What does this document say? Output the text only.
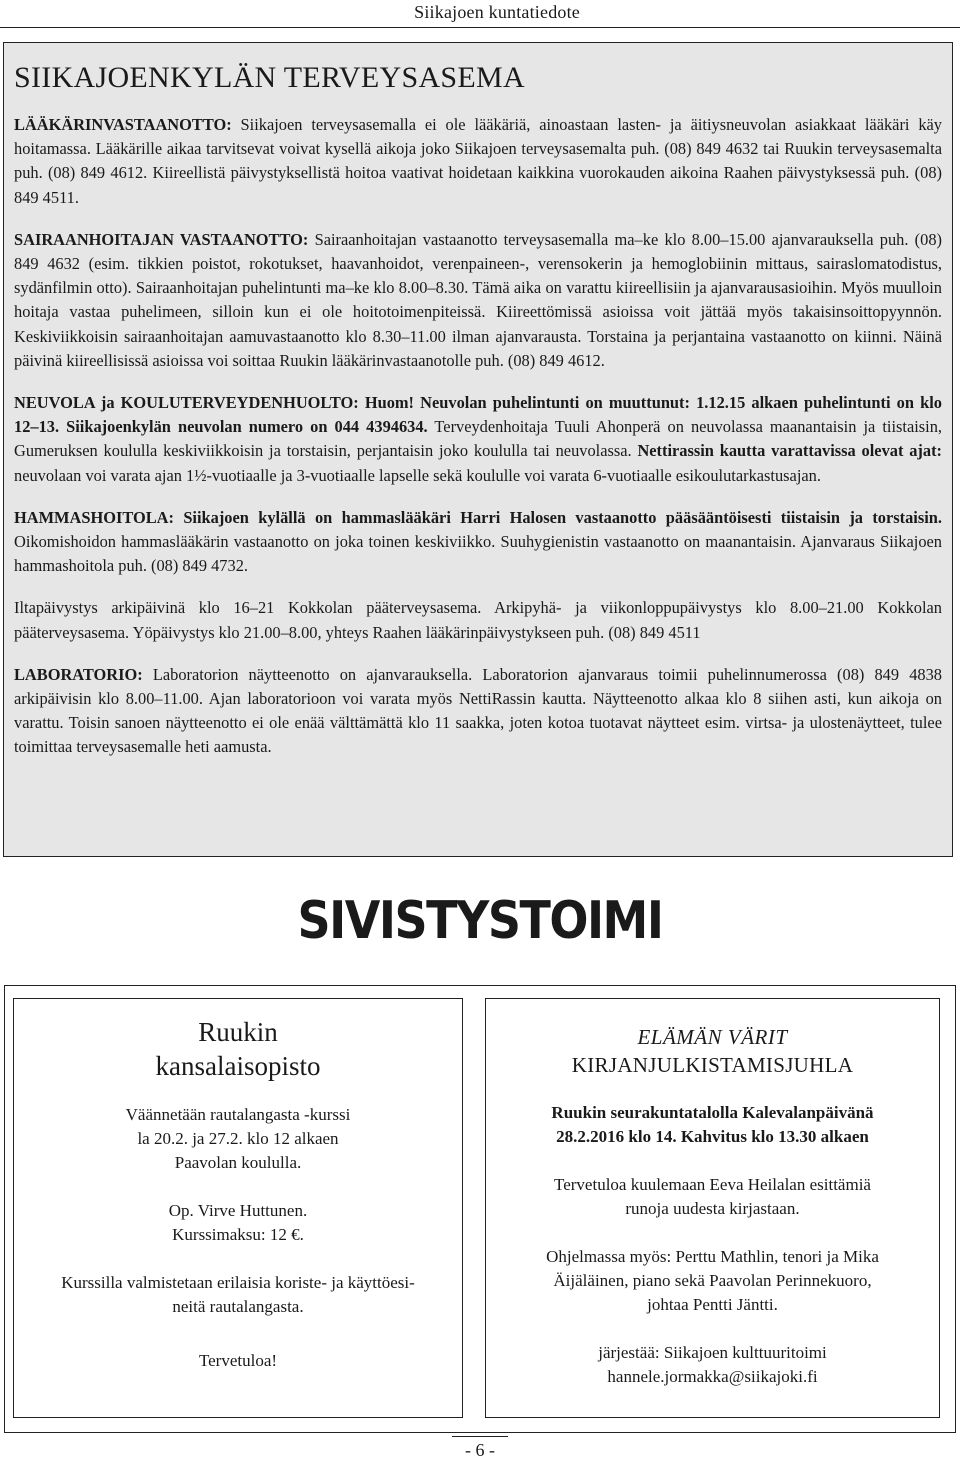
Siikajoen kuntatiedote
SIIKAJOENKYLÄN TERVEYSASEMA

LÄÄKÄRINVASTAANOTTO: Siikajoen terveysasemalla ei ole lääkäriä, ainoastaan lasten- ja äitiysneuvolan asiakkaat lääkäri käy hoitamassa. Lääkärille aikaa tarvitsevat voivat kysellä aikoja joko Siikajoen terveysasemalta puh. (08) 849 4632 tai Ruukin terveysasemalta puh. (08) 849 4612. Kiireellistä päivystyksellistä hoitoa vaativat hoidetaan kaikkina vuorokauden aikoina Raahen päivystyksessä puh. (08) 849 4511.

SAIRAANHOITAJAN VASTAANOTTO: Sairaanhoitajan vastaanotto terveysasemalla ma–ke klo 8.00–15.00 ajanvarauksella puh. (08) 849 4632 (esim. tikkien poistot, rokotukset, haavanhoidot, verenpaineen-, verensokerin ja hemoglobiinin mittaus, sairaslomatodistus, sydänfilmin otto). Sairaanhoitajan puhelintunti ma–ke klo 8.00–8.30. Tämä aika on varattu kiireellisiin ja ajanvarausasioihin. Myös muulloin hoitaja vastaa puhelimeen, silloin kun ei ole hoitotoimenpiteissä. Kiireettömissä asioissa voit jättää myös takaisinsoittopyynnön. Keskiviikkoisin sairaanhoitajan aamuvastaanotto klo 8.30–11.00 ilman ajanvarausta. Torstaina ja perjantaina vastaanotto on kiinni. Näinä päivinä kiireellisissä asioissa voi soittaa Ruukin lääkärinvastaanotolle puh. (08) 849 4612.

NEUVOLA ja KOULUTERVEYDENHUOLTO: Huom! Neuvolan puhelintunti on muuttunut: 1.12.15 alkaen puhelintunti on klo 12–13. Siikajoenkylän neuvolan numero on 044 4394634. Terveydenhoitaja Tuuli Ahonperä on neuvolassa maanantaisin ja tiistaisin, Gumeruksen koululla keskiviikkoisin ja torstaisin, perjantaisin joko koululla tai neuvolassa. Nettirassin kautta varattavissa olevat ajat: neuvolaan voi varata ajan 1½-vuotiaalle ja 3-vuotiaalle lapselle sekä koululle voi varata 6-vuotiaalle esikoulutarkastusajan.

HAMMASHOITOLA: Siikajoen kylällä on hammaslääkäri Harri Halosen vastaanotto pääsääntöisesti tiistaisin ja torstaisin. Oikomishoidon hammaslääkärin vastaanotto on joka toinen keskiviikko. Suuhygienistin vastaanotto on maanantaisin. Ajanvaraus Siikajoen hammashoitola puh. (08) 849 4732.

Iltapäivystys arkipäivinä klo 16–21 Kokkolan pääterveysasema. Arkipyhä- ja viikonloppupäivystys klo 8.00–21.00 Kokkolan pääterveysasema. Yöpäivystys klo 21.00–8.00, yhteys Raahen lääkärinpäivystykseen puh. (08) 849 4511

LABORATORIO: Laboratorion näytteenotto on ajanvarauksella. Laboratorion ajanvaraus toimii puhelinnumerossa (08) 849 4838 arkipäivisin klo 8.00–11.00. Ajan laboratorioon voi varata myös NettiRassin kautta. Näytteenotto alkaa klo 8 siihen asti, kun aikoja on varattu. Toisin sanoen näytteenotto ei ole enää välttämättä klo 11 saakka, joten kotoa tuotavat näytteet esim. virtsa- ja ulostenäytteet, tulee toimittaa terveysasemalle heti aamusta.

SIVISTYSTOIMI
Ruukin
kansalaisopisto
Väännetään rautalangasta -kurssi
la 20.2. ja 27.2. klo 12 alkaen
Paavolan koululla.
Op. Virve Huttunen.
Kurssimaksu: 12 €.
Kurssilla valmistetaan erilaisia koriste- ja käyttöesi-
neitä rautalangasta.
Tervetuloa!
ELÄMÄN VÄRIT
KIRJANJULKISTAMISJUHLA
Ruukin seurakuntatalolla Kalevalanpäivänä
28.2.2016 klo 14. Kahvitus klo 13.30 alkaen
Tervetuloa kuulemaan Eeva Heilalan esittämiä
runoja uudesta kirjastaan.
Ohjelmassa myös: Perttu Mathlin, tenori ja Mika
Äijäläinen, piano sekä Paavolan Perinnekuoro,
johtaa Pentti Jäntti.
järjestää: Siikajoen kulttuuritoimi
hannele.jormakka@siikajoki.fi
- 6 -
